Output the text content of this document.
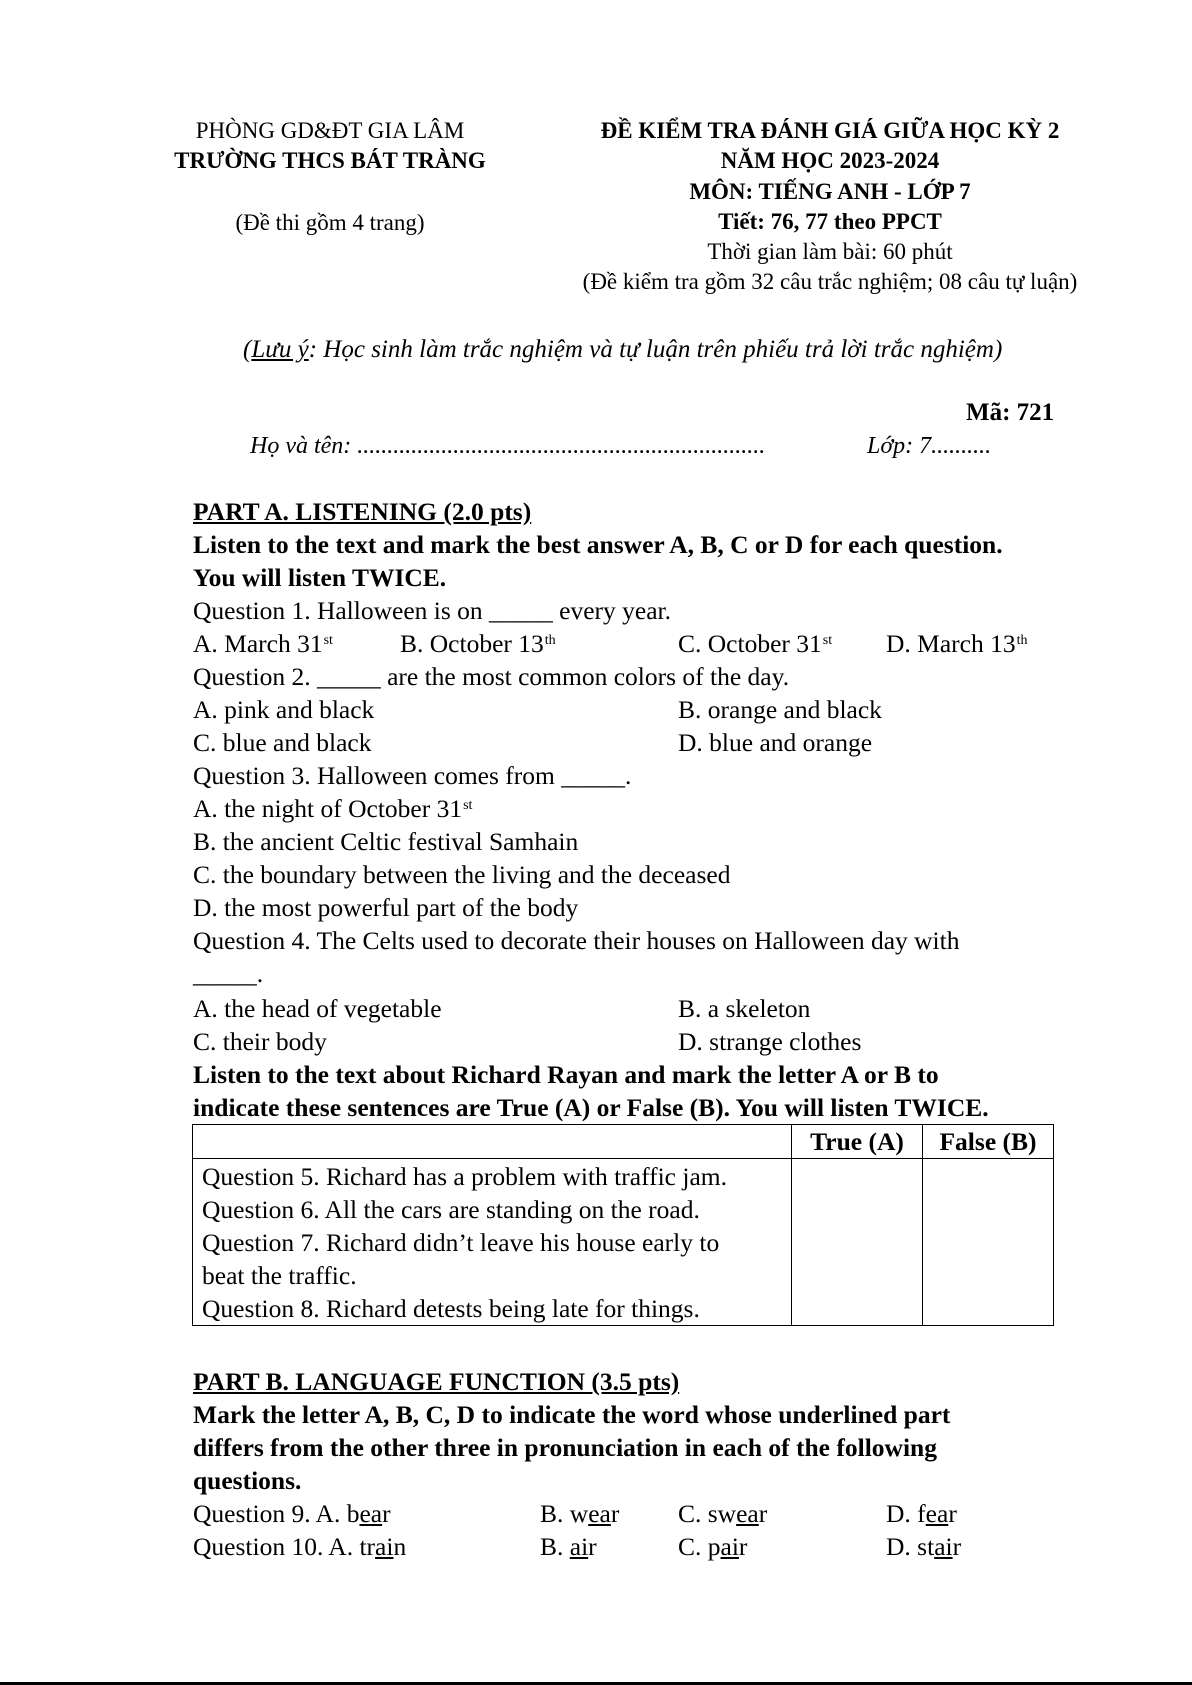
PHÒNG GD&ĐT GIA LÂM
TRƯỜNG THCS BÁT TRÀNG
(Đề thi gồm 4 trang)
ĐỀ KIỂM TRA ĐÁNH GIÁ GIỮA HỌC KỲ 2
NĂM HỌC 2023-2024
MÔN: TIẾNG ANH - LỚP 7
Tiết: 76, 77 theo PPCT
Thời gian làm bài: 60 phút
(Đề kiểm tra gồm 32 câu trắc nghiệm; 08 câu tự luận)
(Lưu ý: Học sinh làm trắc nghiệm và tự luận trên phiếu trả lời trắc nghiệm)
Mã: 721
Họ và tên: ....................................................................	Lớp: 7..........
PART A. LISTENING (2.0 pts)
Listen to the text and mark the best answer A, B, C or D for each question.
You will listen TWICE.
Question 1. Halloween is on _____ every year.
A. March 31st	B. October 13th	C. October 31st D. March 13th
Question 2. _____ are the most common colors of the day.
A. pink and black	B. orange and black
C. blue and black	D. blue and orange
Question 3. Halloween comes from _____.
A. the night of October 31st
B. the ancient Celtic festival Samhain
C. the boundary between the living and the deceased
D. the most powerful part of the body
Question 4. The Celts used to decorate their houses on Halloween day with
_____.
A. the head of vegetable	B. a skeleton
C. their body	D. strange clothes
Listen to the text about Richard Rayan and mark the letter A or B to
indicate these sentences are True (A) or False (B). You will listen TWICE.
	True (A)	False (B)

Question 5. Richard has a problem with traffic jam.
Question 6. All the cars are standing on the road.
Question 7. Richard didn’t leave his house early to
beat the traffic.
Question 8. Richard detests being late for things.		

PART B. LANGUAGE FUNCTION (3.5 pts)
Mark the letter A, B, C, D to indicate the word whose underlined part
differs from the other three in pronunciation in each of the following
questions.
Question 9. A. bear	B. wear C. swear	D. fear
Question 10. A. train	B. air	C. pair	D. stair
